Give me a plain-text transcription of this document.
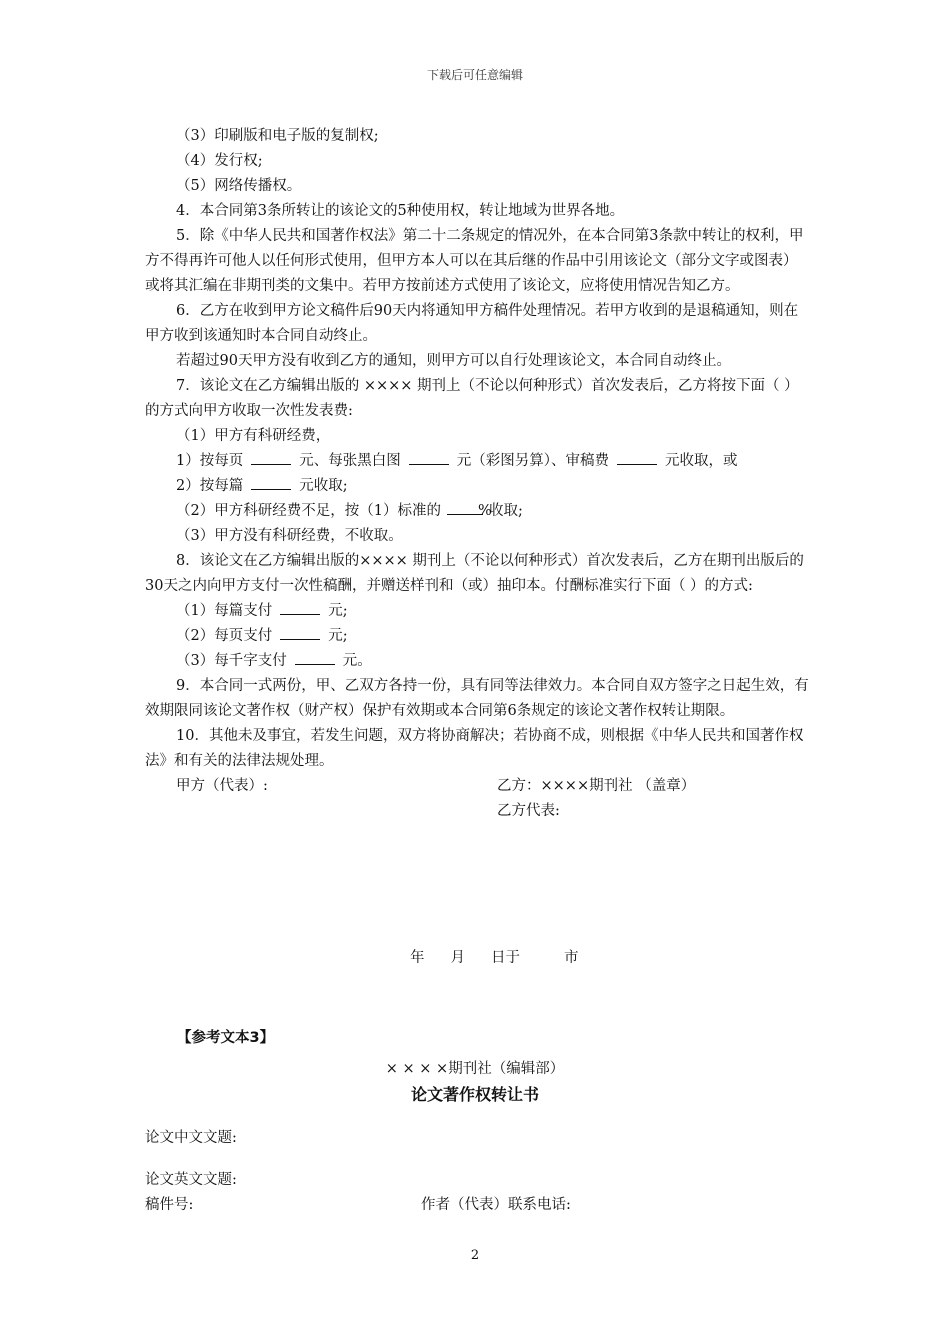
下载后可任意编辑

（3）印刷版和电子版的复制权;

（4）发行权;

（5）网络传播权。

4．本合同第3条所转让的该论文的5种使用权，转让地域为世界各地。

5．除《中华人民共和国著作权法》第二十二条规定的情况外，在本合同第3条款中转让的权利，甲方不得再许可他人以任何形式使用，但甲方本人可以在其后继的作品中引用该论文（部分文字或图表）或将其汇编在非期刊类的文集中。若甲方按前述方式使用了该论文，应将使用情况告知乙方。

6．乙方在收到甲方论文稿件后90天内将通知甲方稿件处理情况。若甲方收到的是退稿通知，则在甲方收到该通知时本合同自动终止。

若超过90天甲方没有收到乙方的通知，则甲方可以自行处理该论文，本合同自动终止。

7．该论文在乙方编辑出版的 ×××× 期刊上（不论以何种形式）首次发表后，乙方将按下面（ ）的方式向甲方收取一次性发表费:

（1）甲方有科研经费，

1）按每页	元、每张黑白图	元（彩图另算）、审稿费	元收取，或

2）按每篇	元收取;

（2）甲方科研经费不足，按（1）标准的	%收取;

（3）甲方没有科研经费，不收取。

8．该论文在乙方编辑出版的×××× 期刊上（不论以何种形式）首次发表后，乙方在期刊出版后的30天之内向甲方支付一次性稿酬，并赠送样刊和（或）抽印本。付酬标准实行下面（ ）的方式:

（1）每篇支付	元;

（2）每页支付	元;

（3）每千字支付	元。

9．本合同一式两份，甲、乙双方各持一份，具有同等法律效力。本合同自双方签字之日起生效，有效期限同该论文著作权（财产权）保护有效期或本合同第6条规定的该论文著作权转让期限。

10．其他未及事宜，若发生问题，双方将协商解决；若协商不成，则根据《中华人民共和国著作权法》和有关的法律法规处理。

甲方（代表）:	乙方：××××期刊社 （盖章）
乙方代表:
年 月 日于	市
【参考文本3】
× × × ×期刊社（编辑部）
论文著作权转让书
论文中文文题:
论文英文文题:
稿件号:	作者（代表）联系电话:
2
